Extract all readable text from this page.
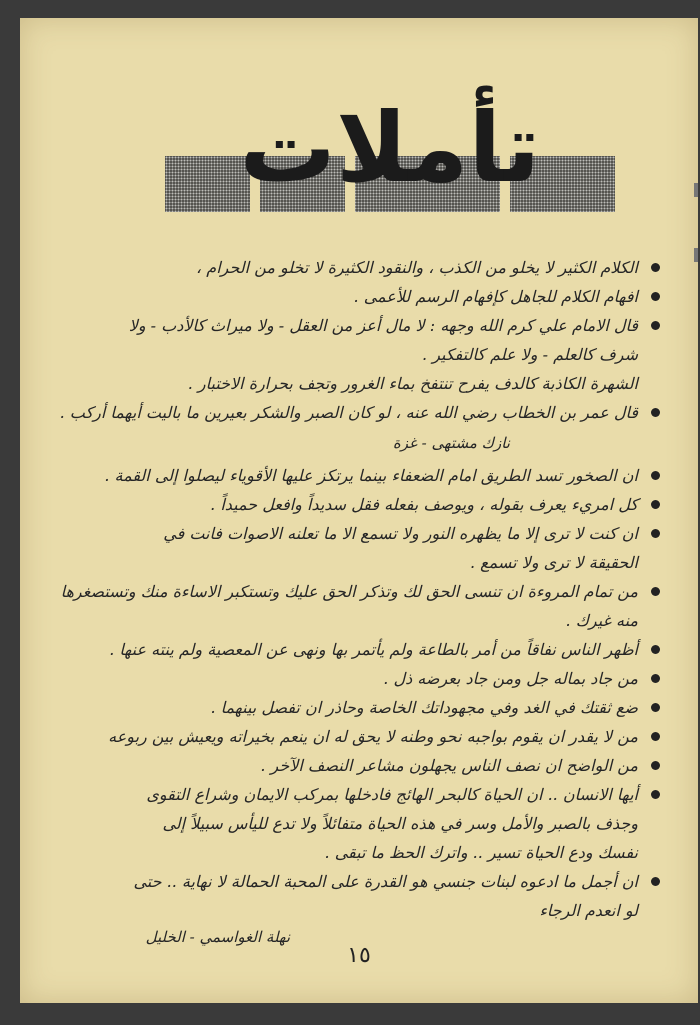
تأملات
الكلام الكثير لا يخلو من الكذب ، والنقود الكثيرة لا تخلو من الحرام ،
افهام الكلام للجاهل كإفهام الرسم للأعمى .
قال الامام علي كرم الله وجهه : لا مال أعز من العقل - ولا ميراث كالأدب - ولا
شرف كالعلم - ولا علم كالتفكير .
الشهرة الكاذبة كالدف يفرح تنتفخ بماء الغرور وتجف بحرارة الاختبار .
قال عمر بن الخطاب رضي الله عنه ، لو كان الصبر والشكر بعيرين ما باليت أيهما أركب .
نازك مشتهى - غزة
ان الصخور تسد الطريق امام الضعفاء بينما يرتكز عليها الأقوياء ليصلوا إلى القمة .
كل امريء يعرف بقوله ، ويوصف بفعله فقل سديداً وافعل حميداً .
ان كنت لا ترى إلا ما يظهره النور ولا تسمع الا ما تعلنه الاصوات فانت في
الحقيقة لا ترى ولا تسمع .
من تمام المروءة ان تنسى الحق لك وتذكر الحق عليك وتستكبر الاساءة منك وتستصغرها
منه غيرك .
أظهر الناس نفاقاً من أمر بالطاعة ولم يأتمر بها ونهى عن المعصية ولم ينته عنها .
من جاد بماله جل ومن جاد بعرضه ذل .
ضع ثقتك في الغد وفي مجهوداتك الخاصة وحاذر ان تفصل بينهما .
من لا يقدر ان يقوم بواجبه نحو وطنه لا يحق له ان ينعم بخيراته ويعيش بين ربوعه
من الواضح ان نصف الناس يجهلون مشاعر النصف الآخر .
أيها الانسان .. ان الحياة كالبحر الهائج فادخلها بمركب الايمان وشراع التقوى
وجذف بالصبر والأمل وسر في هذه الحياة متفائلاً ولا تدع لليأس سبيلاً إلى
نفسك ودع الحياة تسير .. واترك الحظ ما تبقى .
ان أجمل ما ادعوه لبنات جنسي هو القدرة على المحبة الحمالة لا نهاية .. حتى
لو انعدم الرجاء
نهلة الغواسمي - الخليل
١٥
